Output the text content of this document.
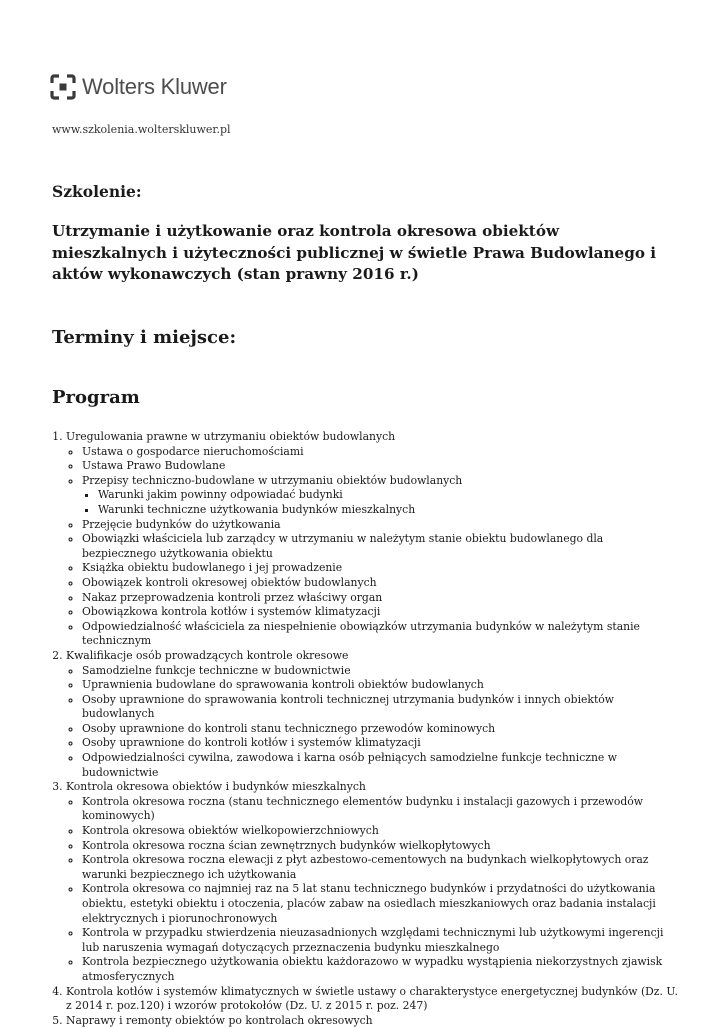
Wolters Kluwer
www.szkolenia.wolterskluwer.pl
Szkolenie:
Utrzymanie i użytkowanie oraz kontrola okresowa obiektów mieszkalnych i użyteczności publicznej w świetle Prawa Budowlanego i aktów wykonawczych (stan prawny 2016 r.)
Terminy i miejsce:
Program
1. Uregulowania prawne w utrzymaniu obiektów budowlanych
◦ Ustawa o gospodarce nieruchomościami
◦ Ustawa Prawo Budowlane
◦ Przepisy techniczno-budowlane w utrzymaniu obiektów budowlanych
▪ Warunki jakim powinny odpowiadać budynki
▪ Warunki techniczne użytkowania budynków mieszkalnych
◦ Przejęcie budynków do użytkowania
◦ Obowiązki właściciela lub zarządcy w utrzymaniu w należytym stanie obiektu budowlanego dla bezpiecznego użytkowania obiektu
◦ Książka obiektu budowlanego i jej prowadzenie
◦ Obowiązek kontroli okresowej obiektów budowlanych
◦ Nakaz przeprowadzenia kontroli przez właściwy organ
◦ Obowiązkowa kontrola kotłów i systemów klimatyzacji
◦ Odpowiedzialność właściciela za niespełnienie obowiązków utrzymania budynków w należytym stanie technicznym
2. Kwalifikacje osób prowadzących kontrole okresowe
◦ Samodzielne funkcje techniczne w budownictwie
◦ Uprawnienia budowlane do sprawowania kontroli obiektów budowlanych
◦ Osoby uprawnione do sprawowania kontroli technicznej utrzymania budynków i innych obiektów budowlanych
◦ Osoby uprawnione do kontroli stanu technicznego przewodów kominowych
◦ Osoby uprawnione do kontroli kotłów i systemów klimatyzacji
◦ Odpowiedzialności cywilna, zawodowa i karna osób pełniących samodzielne funkcje techniczne w budownictwie
3. Kontrola okresowa obiektów i budynków mieszkalnych
◦ Kontrola okresowa roczna (stanu technicznego elementów budynku i instalacji gazowych i przewodów kominowych)
◦ Kontrola okresowa obiektów wielkopowierzchniowych
◦ Kontrola okresowa roczna ścian zewnętrznych budynków wielkopłytowych
◦ Kontrola okresowa roczna elewacji z płyt azbestowo-cementowych na budynkach wielkopłytowych oraz warunki bezpiecznego ich użytkowania
◦ Kontrola okresowa co najmniej raz na 5 lat stanu technicznego budynków i przydatności do użytkowania obiektu, estetyki obiektu i otoczenia, placów zabaw na osiedlach mieszkaniowych oraz badania instalacji elektrycznych i piorunochronowych
◦ Kontrola w przypadku stwierdzenia nieuzasadnionych względami technicznymi lub użytkowymi ingerencji lub naruszenia wymagań dotyczących przeznaczenia budynku mieszkalnego
◦ Kontrola bezpiecznego użytkowania obiektu każdorazowo w wypadku wystąpienia niekorzystnych zjawisk atmosferycznych
4. Kontrola kotłów i systemów klimatycznych w świetle ustawy o charakterystyce energetycznej budynków (Dz. U. z 2014 r. poz.120) i wzorów protokołów (Dz. U. z 2015 r. poz. 247)
5. Naprawy i remonty obiektów po kontrolach okresowych
